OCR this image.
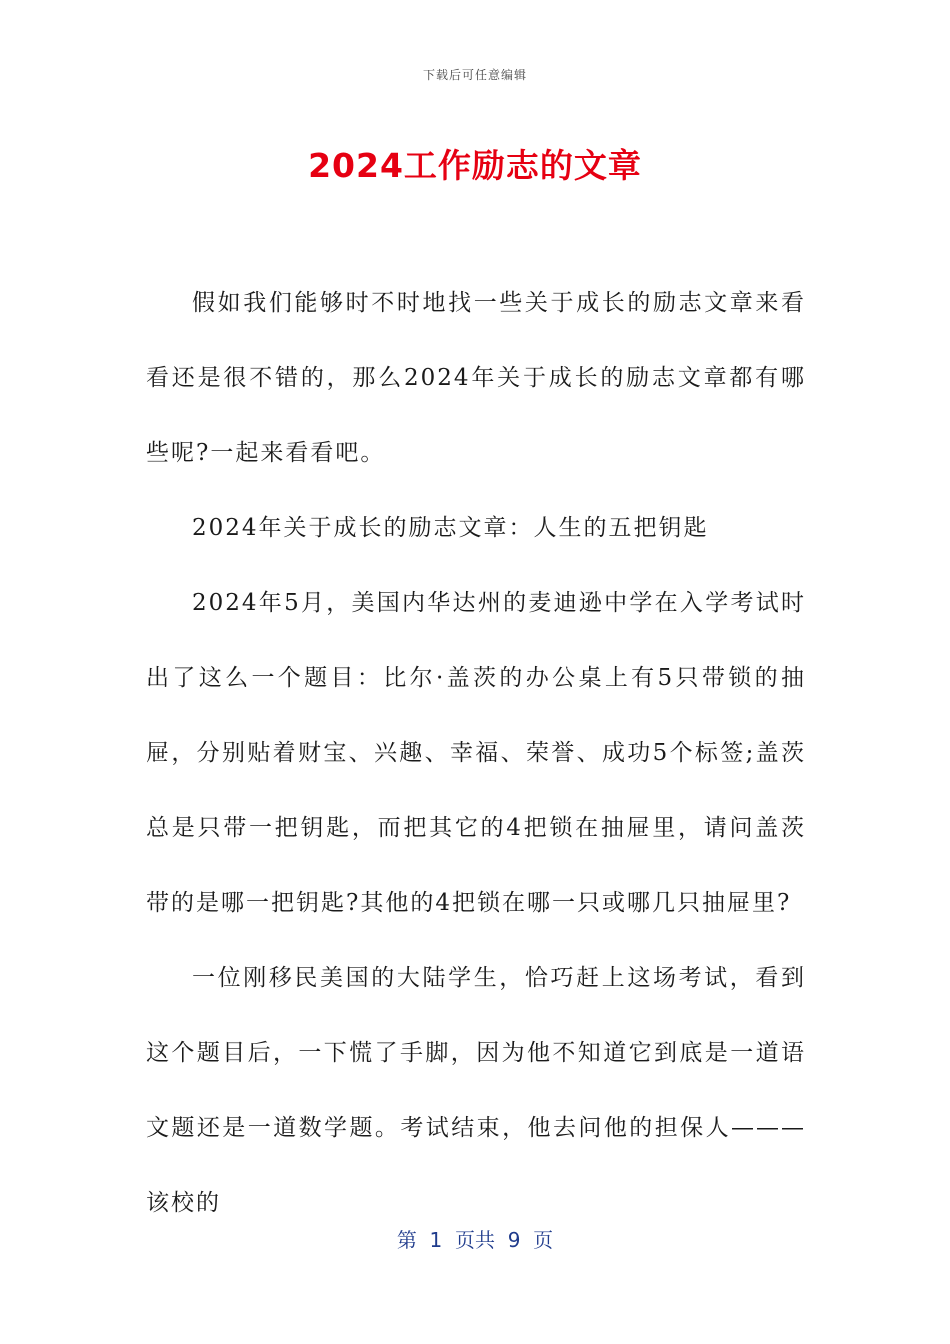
下载后可任意编辑
2024工作励志的文章

假如我们能够时不时地找一些关于成长的励志文章来看看还是很不错的，那么2024年关于成长的励志文章都有哪些呢?一起来看看吧。

2024年关于成长的励志文章：人生的五把钥匙

2024年5月，美国内华达州的麦迪逊中学在入学考试时出了这么一个题目：比尔·盖茨的办公桌上有5只带锁的抽屉，分别贴着财宝、兴趣、幸福、荣誉、成功5个标签;盖茨总是只带一把钥匙，而把其它的4把锁在抽屉里，请问盖茨带的是哪一把钥匙?其他的4把锁在哪一只或哪几只抽屉里?

一位刚移民美国的大陆学生，恰巧赶上这场考试，看到这个题目后，一下慌了手脚，因为他不知道它到底是一道语文题还是一道数学题。考试结束，他去问他的担保人———该校的

第  1  页共  9  页
